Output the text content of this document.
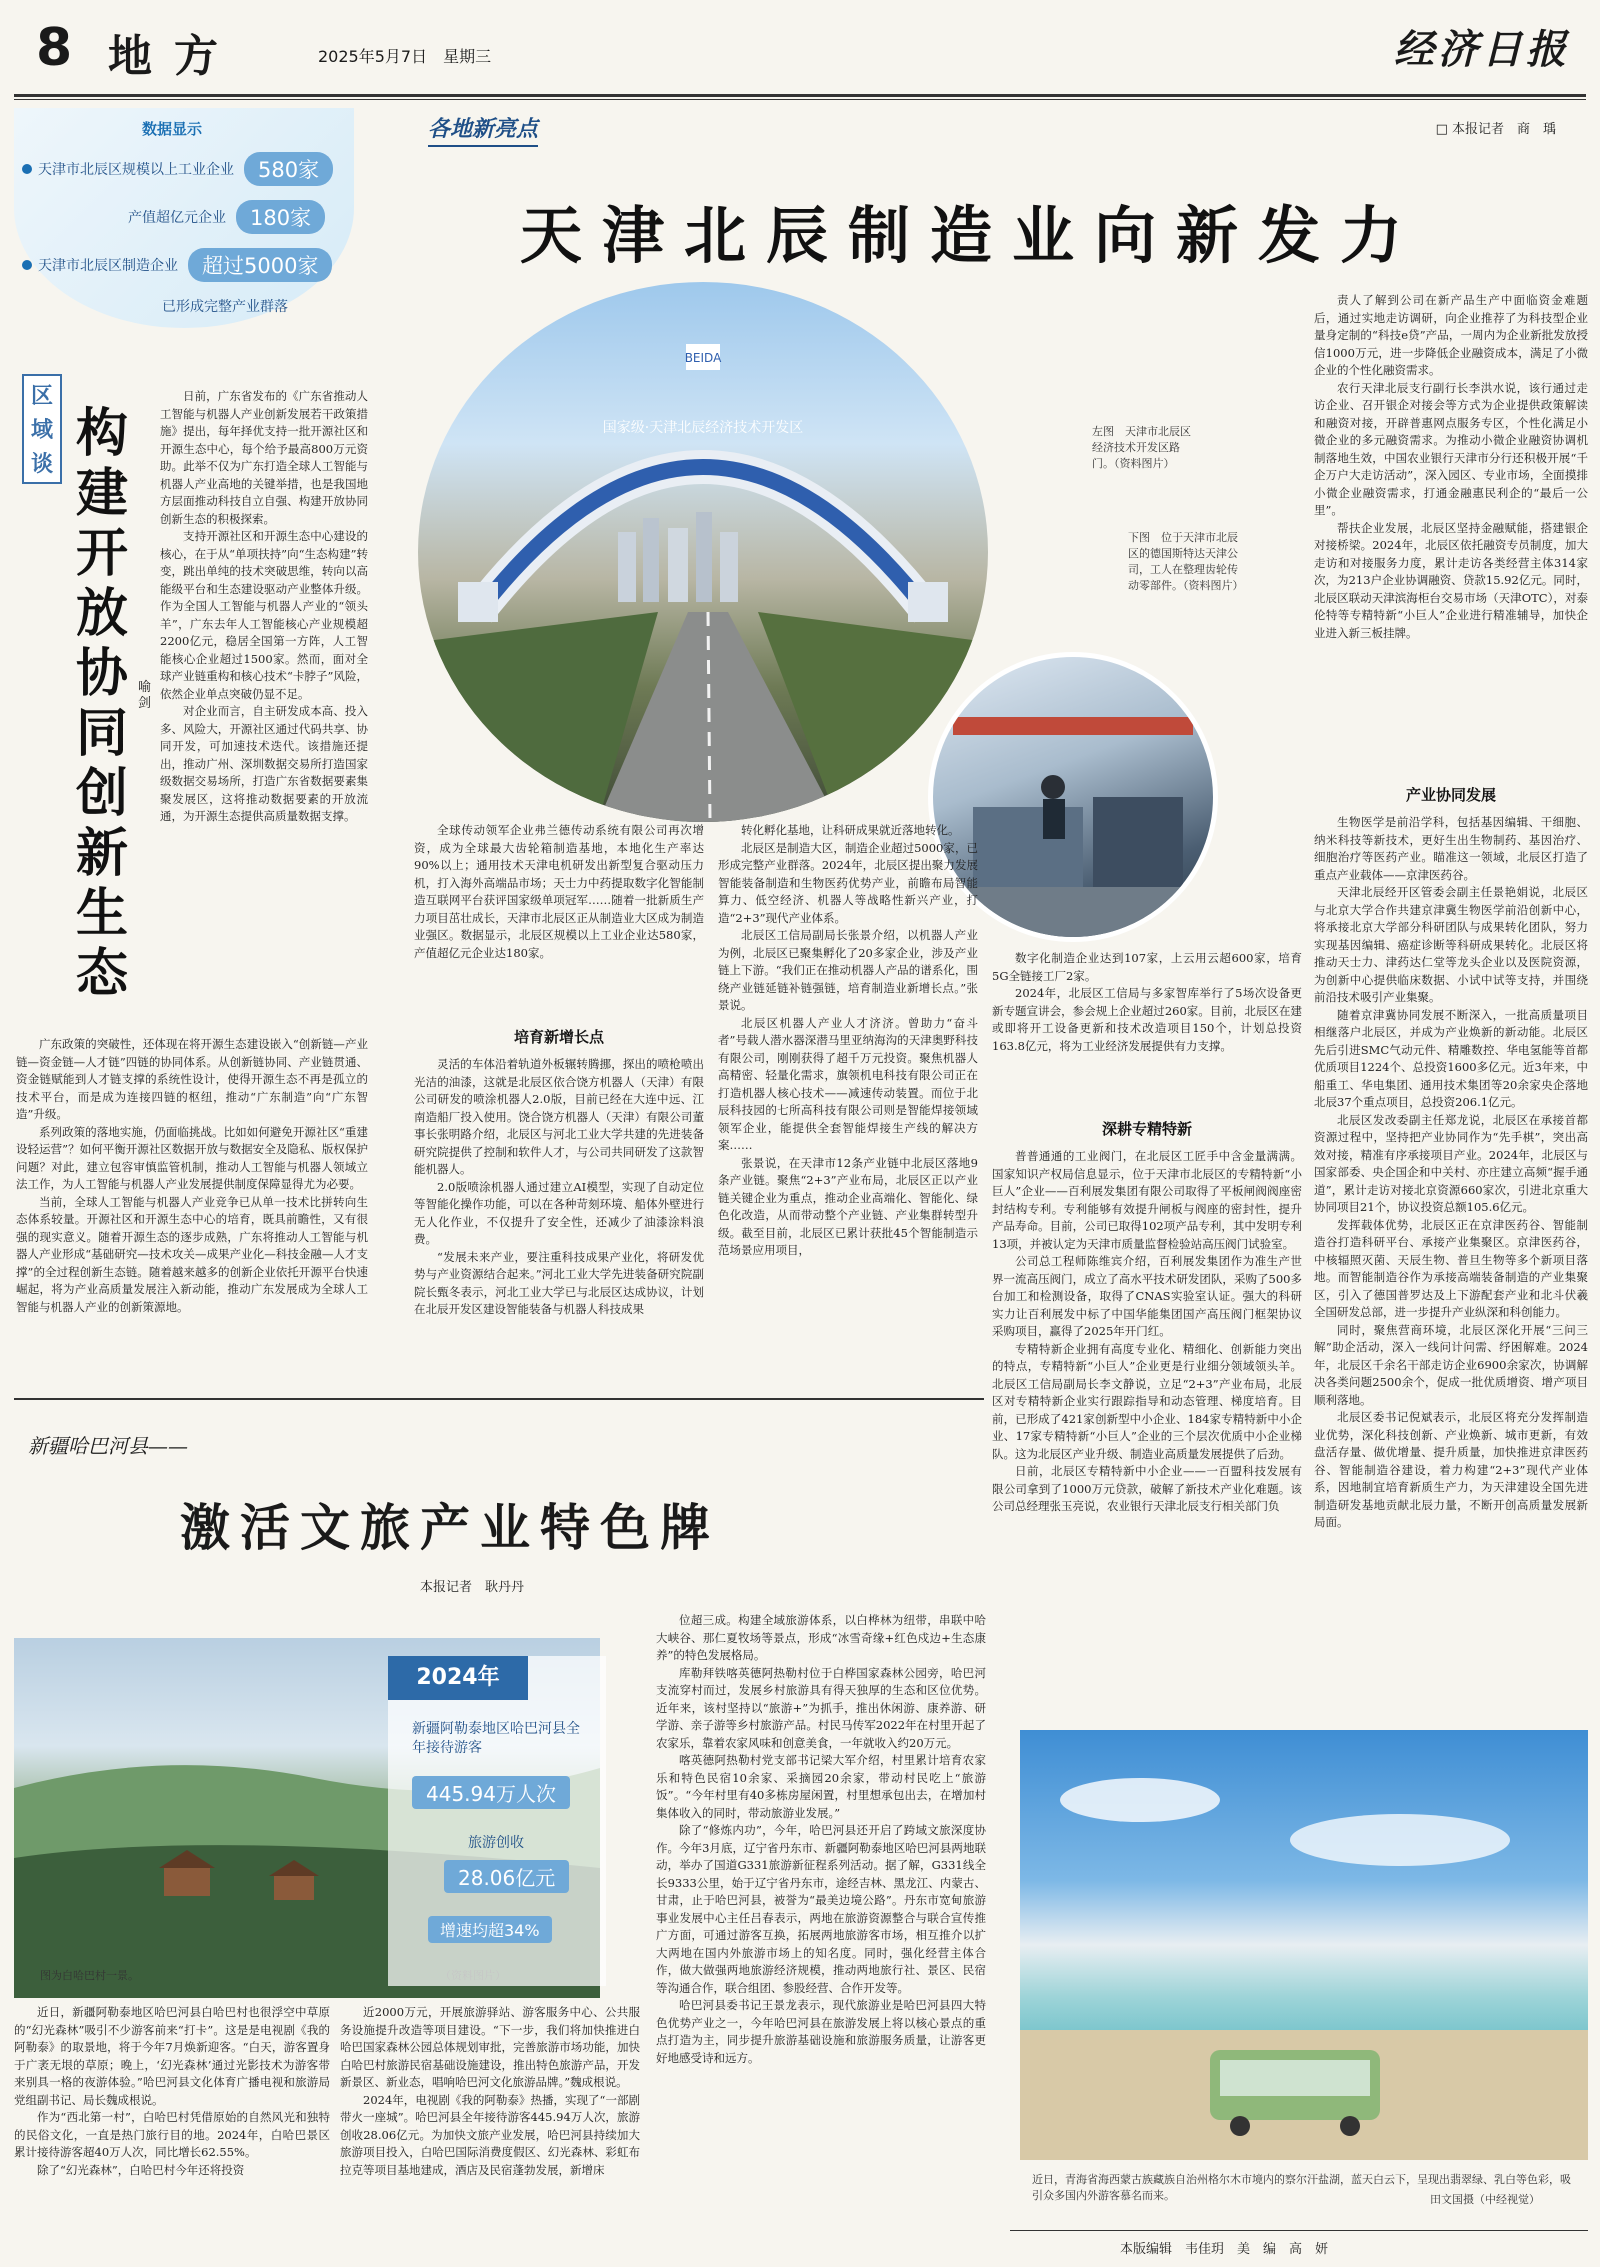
8 地方	2025年5月7日　星期三	经济日报
数据显示
天津市北辰区规模以上工业企业	580家
产值超亿元企业	180家
天津市北辰区制造企业	超过5000家
已形成完整产业群落
区域谈
构建开放协同创新生态
喻　剑

日前，广东省发布的《广东省推动人工智能与机器人产业创新发展若干政策措施》提出，每年择优支持一批开源社区和开源生态中心，每个给予最高800万元资助。此举不仅为广东打造全球人工智能与机器人产业高地的关键举措，也是我国地方层面推动科技自立自强、构建开放协同创新生态的积极探索。

支持开源社区和开源生态中心建设的核心，在于从“单项扶持”向“生态构建”转变，跳出单纯的技术突破思维，转向以高能级平台和生态建设驱动产业整体升级。作为全国人工智能与机器人产业的“领头羊”，广东去年人工智能核心产业规模超2200亿元，稳居全国第一方阵，人工智能核心企业超过1500家。然而，面对全球产业链重构和核心技术“卡脖子”风险，依然企业单点突破仍显不足。

对企业而言，自主研发成本高、投入多、风险大，开源社区通过代码共享、协同开发，可加速技术迭代。该措施还提出，推动广州、深圳数据交易所打造国家级数据交易场所，打造广东省数据要素集聚发展区，这将推动数据要素的开放流通，为开源生态提供高质量数据支撑。

广东政策的突破性，还体现在将开源生态建设嵌入“创新链—产业链—资金链—人才链”四链的协同体系。从创新链协同、产业链贯通、资金链赋能到人才链支撑的系统性设计，使得开源生态不再是孤立的技术平台，而是成为连接四链的枢纽，推动“广东制造”向“广东智造”升级。

系列政策的落地实施，仍面临挑战。比如如何避免开源社区“重建设轻运营”？如何平衡开源社区数据开放与数据安全及隐私、版权保护问题？对此，建立包容审慎监管机制，推动人工智能与机器人领域立法工作，为人工智能与机器人产业发展提供制度保障显得尤为必要。

当前，全球人工智能与机器人产业竞争已从单一技术比拼转向生态体系较量。开源社区和开源生态中心的培育，既具前瞻性，又有很强的现实意义。随着开源生态的逐步成熟，广东将推动人工智能与机器人产业形成“基础研究—技术攻关—成果产业化—科技金融—人才支撑”的全过程创新生态链。随着越来越多的创新企业依托开源平台快速崛起，将为产业高质量发展注入新动能，推动广东发展成为全球人工智能与机器人产业的创新策源地。

各地新亮点	□ 本报记者　商　瑀
天津北辰制造业向新发力
BEIDA
国家级·天津北辰经济技术开发区	左图　天津市北辰区经济技术开发区路门。（资料图片）
下图　位于天津市北辰区的德国斯特达天津公司，工人在整理齿轮传动零部件。（资料图片）

全球传动领军企业弗兰德传动系统有限公司再次增资，成为全球最大齿轮箱制造基地，本地化生产率达90%以上；通用技术天津电机研发出新型复合驱动压力机，打入海外高端品市场；天士力中药提取数字化智能制造互联网平台获评国家级单项冠军……随着一批新质生产力项目茁壮成长，天津市北辰区正从制造业大区成为制造业强区。数据显示，北辰区规模以上工业企业达580家，产值超亿元企业达180家。

培育新增长点

灵活的车体沿着轨道外板辗转腾挪，探出的喷枪喷出光洁的油漆，这就是北辰区依合饶方机器人（天津）有限公司研发的喷涂机器人2.0版，目前已经在大连中远、江南造船厂投入使用。饶合饶方机器人（天津）有限公司董事长张明路介绍，北辰区与河北工业大学共建的先进装备研究院提供了控制和软件人才，与公司共同研发了这款智能机器人。

2.0版喷涂机器人通过建立AI模型，实现了自动定位等智能化操作功能，可以在各种苛刻环境、船体外壁进行无人化作业，不仅提升了安全性，还减少了油漆涂料浪费。

“发展未来产业，要注重科技成果产业化，将研发优势与产业资源结合起来。”河北工业大学先进装备研究院副院长甄冬表示，河北工业大学已与北辰区达成协议，计划在北辰开发区建设智能装备与机器人科技成果

转化孵化基地，让科研成果就近落地转化。

北辰区是制造大区，制造企业超过5000家，已形成完整产业群落。2024年，北辰区提出聚力发展智能装备制造和生物医药优势产业，前瞻布局智能算力、低空经济、机器人等战略性新兴产业，打造“2+3”现代产业体系。

北辰区工信局副局长张景介绍，以机器人产业为例，北辰区已聚集孵化了20多家企业，涉及产业链上下游。“我们正在推动机器人产品的谱系化，围绕产业链延链补链强链，培育制造业新增长点。”张景说。

北辰区机器人产业人才济济。曾助力“奋斗者”号载人潜水器深潜马里亚纳海沟的天津奥野科技有限公司，刚刚获得了超千万元投资。聚焦机器人高精密、轻量化需求，旗领机电科技有限公司正在打造机器人核心技术——减速传动装置。而位于北辰科技园的七所高科技有限公司则是智能焊接领域领军企业，能提供全套智能焊接生产线的解决方案……

张景说，在天津市12条产业链中北辰区落地9条产业链。聚焦“2+3”产业布局，北辰区正以产业链关键企业为重点，推动企业高端化、智能化、绿色化改造，从而带动整个产业链、产业集群转型升级。截至目前，北辰区已累计获批45个智能制造示范场景应用项目，

数字化制造企业达到107家，上云用云超600家，培育5G全链接工厂2家。

2024年，北辰区工信局与多家智库举行了5场次设备更新专题宣讲会，参会规上企业超过260家。目前，北辰区在建或即将开工设备更新和技术改造项目150个，计划总投资163.8亿元，将为工业经济发展提供有力支撑。

深耕专精特新

普普通通的工业阀门，在北辰区工匠手中含金量满满。国家知识产权局信息显示，位于天津市北辰区的专精特新“小巨人”企业——百利展发集团有限公司取得了平板闸阀阀座密封结构专利。专利能够有效提升闸板与阀座的密封性，提升产品寿命。目前，公司已取得102项产品专利，其中发明专利13项，并被认定为天津市质量监督检验站高压阀门试验室。

公司总工程师陈维宾介绍，百利展发集团作为准生产世界一流高压阀门，成立了高水平技术研发团队，采购了500多台加工和检测设备，取得了CNAS实验室认证。强大的科研实力让百利展发中标了中国华能集团国产高压阀门框架协议采购项目，赢得了2025年开门红。

专精特新企业拥有高度专业化、精细化、创新能力突出的特点，专精特新“小巨人”企业更是行业细分领域领头羊。北辰区工信局副局长李文静说，立足“2+3”产业布局，北辰区对专精特新企业实行跟踪指导和动态管理、梯度培育。目前，已形成了421家创新型中小企业、184家专精特新中小企业、17家专精特新“小巨人”企业的三个层次优质中小企业梯队。这为北辰区产业升级、制造业高质量发展提供了后劲。

日前，北辰区专精特新中小企业——一百盟科技发展有限公司拿到了1000万元贷款，破解了新技术产业化难题。该公司总经理张玉亮说，农业银行天津北辰支行相关部门负

责人了解到公司在新产品生产中面临资金难题后，通过实地走访调研，向企业推荐了为科技型企业量身定制的“科技e贷”产品，一周内为企业新批发放授信1000万元，进一步降低企业融资成本，满足了小微企业的个性化融资需求。

农行天津北辰支行副行长李洪水说，该行通过走访企业、召开银企对接会等方式为企业提供政策解读和融资对接，开辟普惠网点服务专区，个性化满足小微企业的多元融资需求。为推动小微企业融资协调机制落地生效，中国农业银行天津市分行还积极开展“千企万户大走访活动”，深入园区、专业市场，全面摸排小微企业融资需求，打通金融惠民利企的“最后一公里”。

帮扶企业发展，北辰区坚持金融赋能，搭建银企对接桥梁。2024年，北辰区依托融资专员制度，加大走访和对接服务力度，累计走访各类经营主体314家次，为213户企业协调融资、贷款15.92亿元。同时，北辰区联动天津滨海柜台交易市场（天津OTC），对泰伦特等专精特新“小巨人”企业进行精准辅导，加快企业进入新三板挂牌。

产业协同发展

生物医学是前沿学科，包括基因编辑、干细胞、纳米科技等新技术，更好生出生物制药、基因治疗、细胞治疗等医药产业。瞄准这一领域，北辰区打造了重点产业载体——京津医药谷。

天津北辰经开区管委会副主任景艳娟说，北辰区与北京大学合作共建京津冀生物医学前沿创新中心，将承接北京大学部分科研团队与成果转化团队，努力实现基因编辑、癌症诊断等科研成果转化。北辰区将推动天士力、津药达仁堂等龙头企业以及医院资源，为创新中心提供临床数据、小试中试等支持，并围绕前沿技术吸引产业集聚。

随着京津冀协同发展不断深入，一批高质量项目相继落户北辰区，并成为产业焕新的新动能。北辰区先后引进SMC气动元件、精雕数控、华电氢能等首都优质项目1224个、总投资1600多亿元。近3年来，中船重工、华电集团、通用技术集团等20余家央企落地北辰37个重点项目，总投资206.1亿元。

北辰区发改委副主任郑龙说，北辰区在承接首都资源过程中，坚持把产业协同作为“先手棋”，突出高效对接，精准有序承接项目产业。2024年，北辰区与国家部委、央企国企和中关村、亦庄建立高频“握手通道”，累计走访对接北京资源660家次，引进北京重大协同项目21个，协议投资总额105.6亿元。

发挥载体优势，北辰区正在京津医药谷、智能制造谷打造科研平台、承接产业集聚区。京津医药谷，中核辐照灭菌、天辰生物、普旦生物等多个新项目落地。而智能制造谷作为承接高端装备制造的产业集聚区，引入了德国普罗达及上下游配套产业和北斗伏羲全国研发总部，进一步提升产业纵深和科创能力。

同时，聚焦营商环境，北辰区深化开展“三问三解”助企活动，深入一线问计问需、纾困解难。2024年，北辰区千余名干部走访企业6900余家次，协调解决各类问题2500余个，促成一批优质增资、增产项目顺利落地。

北辰区委书记倪斌表示，北辰区将充分发挥制造业优势，深化科技创新、产业焕新、城市更新，有效盘活存量、做优增量、提升质量，加快推进京津医药谷、智能制造谷建设，着力构建“2+3”现代产业体系，因地制宜培育新质生产力，为天津建设全国先进制造研发基地贡献北辰力量，不断开创高质量发展新局面。

新疆哈巴河县——
激活文旅产业特色牌
本报记者　耿丹丹
图为白哈巴村一景。
2024年
新疆阿勒泰地区哈巴河县全年接待游客
445.94万人次
旅游创收
28.06亿元
增速均超34%

近日，新疆阿勒泰地区哈巴河县白哈巴村也很浮空中草原的“幻光森林”吸引不少游客前来“打卡”。这是是电视剧《我的阿勒泰》的取景地，将于今年7月焕新迎客。“白天，游客置身于广袤无垠的草原；晚上，‘幻光森林’通过光影技术为游客带来别具一格的夜游体验。”哈巴河县文化体育广播电视和旅游局党组副书记、局长魏成根说。

作为“西北第一村”，白哈巴村凭借原始的自然风光和独特的民俗文化，一直是热门旅行目的地。2024年，白哈巴景区累计接待游客超40万人次，同比增长62.55%。

除了“幻光森林”，白哈巴村今年还将投资

近2000万元，开展旅游驿站、游客服务中心、公共服务设施提升改造等项目建设。“下一步，我们将加快推进白哈巴国家森林公园总体规划审批，完善旅游市场功能，加快白哈巴村旅游民宿基础设施建设，推出特色旅游产品，开发新景区、新业态，唱响哈巴河文化旅游品牌。”魏成根说。

2024年，电视剧《我的阿勒泰》热播，实现了“一部剧带火一座城”。哈巴河县全年接待游客445.94万人次，旅游创收28.06亿元。为加快文旅产业发展，哈巴河县持续加大旅游项目投入，白哈巴国际消费度假区、幻光森林、彩虹布拉克等项目基地建成，酒店及民宿蓬勃发展，新增床

位超三成。构建全域旅游体系，以白桦林为纽带，串联中哈大峡谷、那仁夏牧场等景点，形成“冰雪奇缘+红色戍边+生态康养”的特色发展格局。

库勒拜铁喀英德阿热勒村位于白桦国家森林公园旁，哈巴河支流穿村而过，发展乡村旅游具有得天独厚的生态和区位优势。近年来，该村坚持以“旅游+”为抓手，推出休闲游、康养游、研学游、亲子游等乡村旅游产品。村民马传军2022年在村里开起了农家乐，靠着农家风味和创意美食，一年就收入约20万元。

喀英德阿热勒村党支部书记梁大军介绍，村里累计培育农家乐和特色民宿10余家、采摘园20余家，带动村民吃上“旅游饭”。“今年村里有40多栋房屋闲置，村里想承包出去，在增加村集体收入的同时，带动旅游业发展。”

除了“修炼内功”，今年，哈巴河县还开启了跨域文旅深度协作。今年3月底，辽宁省丹东市、新疆阿勒泰地区哈巴河县两地联动，举办了国道G331旅游新征程系列活动。据了解，G331线全长9333公里，始于辽宁省丹东市，途经吉林、黑龙江、内蒙古、甘肃，止于哈巴河县，被誉为“最美边境公路”。丹东市宽甸旅游事业发展中心主任吕春表示，两地在旅游资源整合与联合宣传推广方面，可通过游客互换，拓展两地旅游客市场，相互推介以扩大两地在国内外旅游市场上的知名度。同时，强化经营主体合作，做大做强两地旅游经济规模，推动两地旅行社、景区、民宿等沟通合作，联合组团、参股经营、合作开发等。

哈巴河县委书记王景龙表示，现代旅游业是哈巴河县四大特色优势产业之一，今年哈巴河县在旅游发展上将以核心景点的重点打造为主，同步提升旅游基础设施和旅游服务质量，让游客更好地感受诗和远方。

近日，青海省海西蒙古族藏族自治州格尔木市境内的察尔汗盐湖，蓝天白云下，呈现出翡翠绿、乳白等色彩，吸引众多国内外游客慕名而来。	田文国摄（中经视觉）
本版编辑　韦佳玥　美　编　高　妍
